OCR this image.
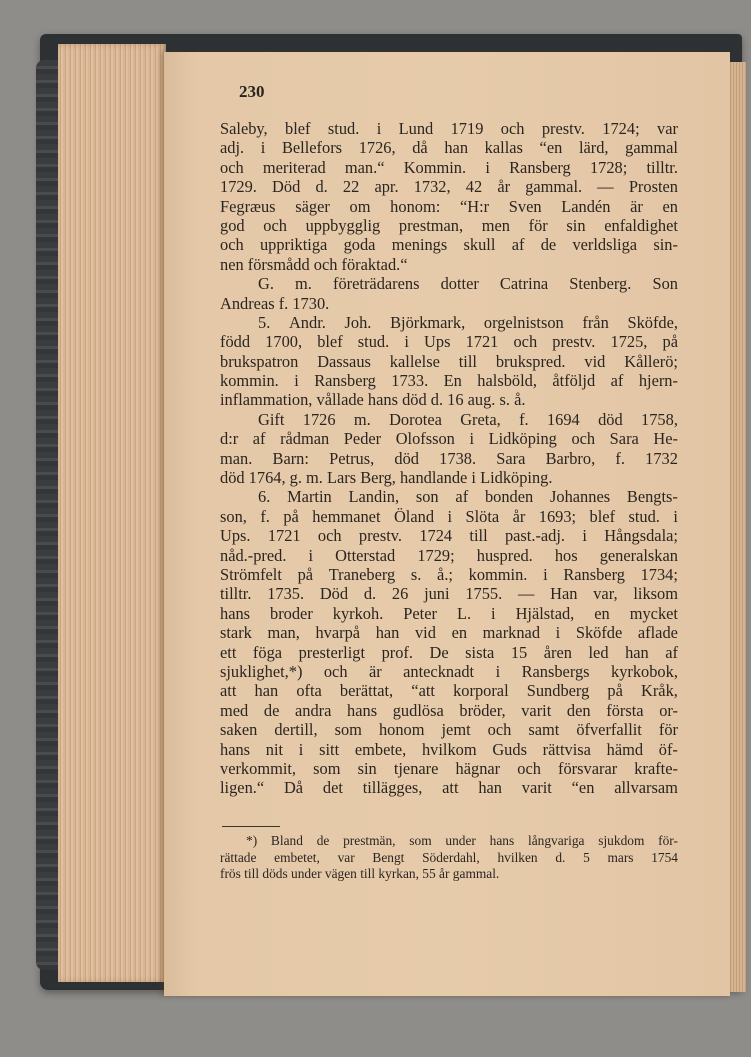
230
Saleby, blef stud. i Lund 1719 och prestv. 1724; var
adj. i Bellefors 1726, då han kallas “en lärd, gammal
och meriterad man.“ Kommin. i Ransberg 1728; tilltr.
1729. Död d. 22 apr. 1732, 42 år gammal. — Prosten
Fegræus säger om honom: “H:r Sven Landén är en
god och uppbygglig prestman, men för sin enfaldighet
och uppriktiga goda menings skull af de verldsliga sin-
nen försmådd och föraktad.“
G. m. företrädarens dotter Catrina Stenberg. Son
Andreas f. 1730.
5. Andr. Joh. Björkmark, orgelnistson från Sköfde,
född 1700, blef stud. i Ups 1721 och prestv. 1725, på
brukspatron Dassaus kallelse till brukspred. vid Kållerö;
kommin. i Ransberg 1733. En halsböld, åtföljd af hjern-
inflammation, vållade hans död d. 16 aug. s. å.
Gift 1726 m. Dorotea Greta, f. 1694 död 1758,
d:r af rådman Peder Olofsson i Lidköping och Sara He-
man. Barn: Petrus, död 1738. Sara Barbro, f. 1732
död 1764, g. m. Lars Berg, handlande i Lidköping.
6. Martin Landin, son af bonden Johannes Bengts-
son, f. på hemmanet Öland i Slöta år 1693; blef stud. i
Ups. 1721 och prestv. 1724 till past.-adj. i Hångsdala;
nåd.-pred. i Otterstad 1729; huspred. hos generalskan
Strömfelt på Traneberg s. å.; kommin. i Ransberg 1734;
tilltr. 1735. Död d. 26 juni 1755. — Han var, liksom
hans broder kyrkoh. Peter L. i Hjälstad, en mycket
stark man, hvarpå han vid en marknad i Sköfde aflade
ett föga presterligt prof. De sista 15 åren led han af
sjuklighet,*) och är antecknadt i Ransbergs kyrkobok,
att han ofta berättat, “att korporal Sundberg på Kråk,
med de andra hans gudlösa bröder, varit den första or-
saken dertill, som honom jemt och samt öfverfallit för
hans nit i sitt embete, hvilkom Guds rättvisa hämd öf-
verkommit, som sin tjenare hägnar och försvarar krafte-
ligen.“ Då det tillägges, att han varit “en allvarsam
*) Bland de prestmän, som under hans långvariga sjukdom för-
rättade embetet, var Bengt Söderdahl, hvilken d. 5 mars 1754
frös till döds under vägen till kyrkan, 55 år gammal.
